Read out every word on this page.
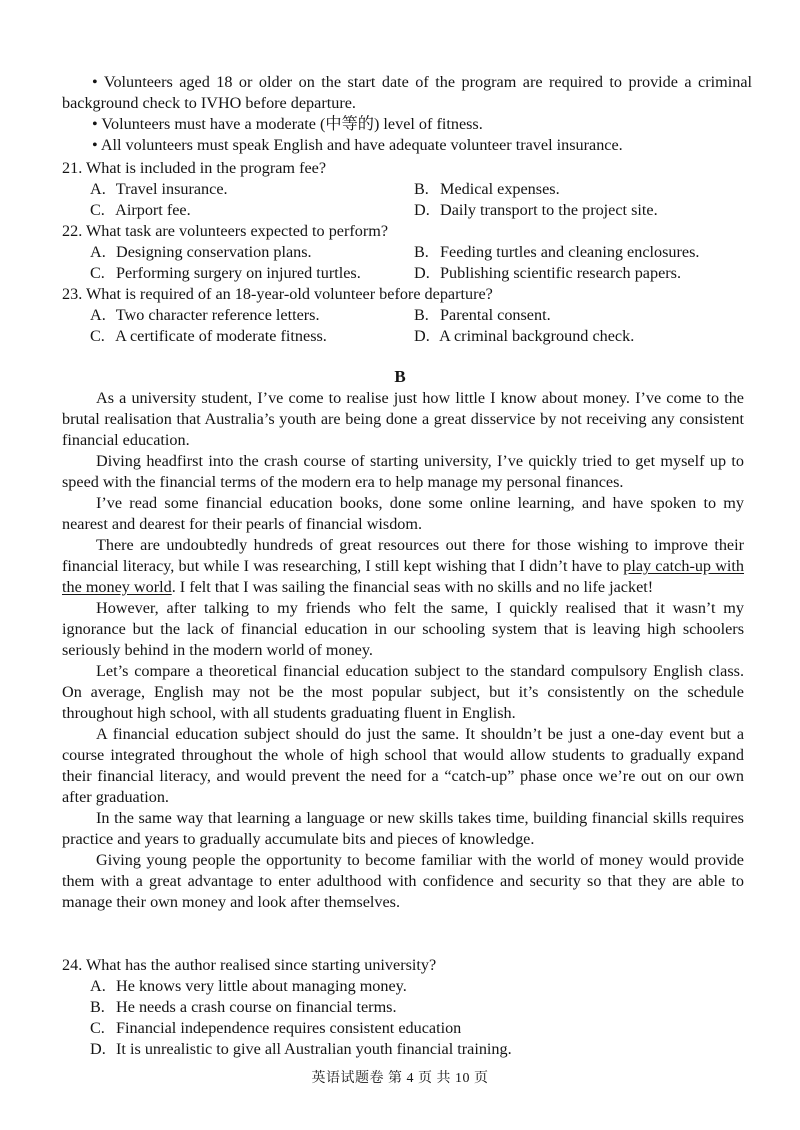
• Volunteers aged 18 or older on the start date of the program are required to provide a criminal background check to IVHO before departure.
• Volunteers must have a moderate (中等的) level of fitness.
• All volunteers must speak English and have adequate volunteer travel insurance.
21. What is included in the program fee?
A. Travel insurance.	B. Medical expenses.
C. Airport fee.	D. Daily transport to the project site.
22. What task are volunteers expected to perform?
A. Designing conservation plans.	B. Feeding turtles and cleaning enclosures.
C. Performing surgery on injured turtles.	D. Publishing scientific research papers.
23. What is required of an 18-year-old volunteer before departure?
A. Two character reference letters.	B. Parental consent.
C. A certificate of moderate fitness.	D. A criminal background check.
B

As a university student, I’ve come to realise just how little I know about money. I’ve come to the brutal realisation that Australia’s youth are being done a great disservice by not receiving any consistent financial education.

Diving headfirst into the crash course of starting university, I’ve quickly tried to get myself up to speed with the financial terms of the modern era to help manage my personal finances.

I’ve read some financial education books, done some online learning, and have spoken to my nearest and dearest for their pearls of financial wisdom.

There are undoubtedly hundreds of great resources out there for those wishing to improve their financial literacy, but while I was researching, I still kept wishing that I didn’t have to play catch-up with the money world. I felt that I was sailing the financial seas with no skills and no life jacket!

However, after talking to my friends who felt the same, I quickly realised that it wasn’t my ignorance but the lack of financial education in our schooling system that is leaving high schoolers seriously behind in the modern world of money.

Let’s compare a theoretical financial education subject to the standard compulsory English class. On average, English may not be the most popular subject, but it’s consistently on the schedule throughout high school, with all students graduating fluent in English.

A financial education subject should do just the same. It shouldn’t be just a one-day event but a course integrated throughout the whole of high school that would allow students to gradually expand their financial literacy, and would prevent the need for a “catch-up” phase once we’re out on our own after graduation.

In the same way that learning a language or new skills takes time, building financial skills requires practice and years to gradually accumulate bits and pieces of knowledge.

Giving young people the opportunity to become familiar with the world of money would provide them with a great advantage to enter adulthood with confidence and security so that they are able to manage their own money and look after themselves.

24. What has the author realised since starting university?
A. He knows very little about managing money.
B. He needs a crash course on financial terms.
C. Financial independence requires consistent education
D. It is unrealistic to give all Australian youth financial training.
英语试题卷 第 4 页 共 10 页
